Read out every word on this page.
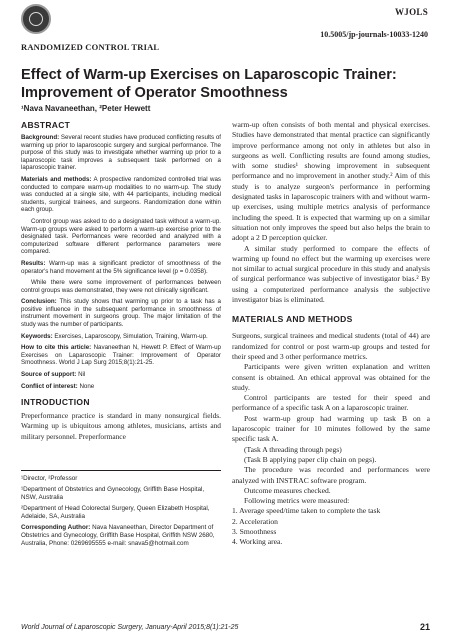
WJOLS
10.5005/jp-journals-10033-1240
RANDOMIZED CONTROL TRIAL
Effect of Warm-up Exercises on Laparoscopic Trainer: Improvement of Operator Smoothness
¹Nava Navaneethan, ²Peter Hewett
ABSTRACT

Background: Several recent studies have produced conflicting results of warming up prior to laparoscopic surgery and surgical performance. The purpose of this study was to investigate whether warming up prior to a laparoscopic task improves a subsequent task performed on a laparoscopic trainer.

Materials and methods: A prospective randomized controlled trial was conducted to compare warm-up modalities to no warm-up. The study was conducted at a single site, with 44 participants, including medical students, surgical trainees, and surgeons. Randomization done within each group.

Control group was asked to do a designated task without a warm-up. Warm-up groups were asked to perform a warm-up exercise prior to the designated task. Performances were recorded and analyzed with a computerized software different performance parameters were compared.

Results: Warm-up was a significant predictor of smoothness of the operator's hand movement at the 5% significance level (p = 0.0358).

While there were some improvement of performances between control groups was demonstrated, they were not clinically significant.

Conclusion: This study shows that warming up prior to a task has a positive influence in the subsequent performance in smoothness of instrument movement in surgeons group. The major limitation of the study was the number of participants.

Keywords: Exercises, Laparoscopy, Simulation, Training, Warm-up.

How to cite this article: Navaneethan N, Hewett P. Effect of Warm-up Exercises on Laparoscopic Trainer: Improvement of Operator Smoothness. World J Lap Surg 2015;8(1):21-25.

Source of support: Nil

Conflict of interest: None

INTRODUCTION
Preperformance practice is standard in many nonsurgical fields. Warming up is ubiquitous among athletes, musicians, artists and military personnel. Preperformance
¹Director, ²Professor
¹Department of Obstetrics and Gynecology, Griffith Base Hospital, NSW, Australia
²Department of Head Colorectal Surgery, Queen Elizabeth Hospital, Adelaide, SA, Australia
Corresponding Author: Nava Navaneethan, Director Department of Obstetrics and Gynecology, Griffith Base Hospital, Griffith NSW 2680, Australia, Phone: 0269695555 e-mail: snava5@hotmail.com

warm-up often consists of both mental and physical exercises. Studies have demonstrated that mental practice can significantly improve performance among not only in athletes but also in surgeons as well. Conflicting results are found among studies, with some studies¹ showing improvement in subsequent performance and no improvement in another study.² Aim of this study is to analyze surgeon's performance in performing designated tasks in laparoscopic trainers with and without warm-up exercises, using multiple metrics analysis of performance including the speed. It is expected that warming up on a similar situation not only improves the speed but also helps the brain to adopt a 2 D perception quicker.

A similar study performed to compare the effects of warming up found no effect but the warming up exercises were not similar to actual surgical procedure in this study and analysis of surgical performance was subjective of investigator bias.² By using a computerized performance analysis the subjective investigator bias is eliminated.

MATERIALS AND METHODS

Surgeons, surgical trainees and medical students (total of 44) are randomized for control or post warm-up groups and tested for their speed and 3 other performance metrics.

Participants were given written explanation and written consent is obtained. An ethical approval was obtained for the study.

Control participants are tested for their speed and performance of a specific task A on a laparoscopic trainer.

Post warm-up group had warming up task B on a laparoscopic trainer for 10 minutes followed by the same specific task A.

(Task A threading through pegs)

(Task B applying paper clip chain on pegs).

The procedure was recorded and performances were analyzed with INSTRAC software program.

Outcome measures checked.

Following metrics were measured:

1. Average speed/time taken to complete the task
2. Acceleration
3. Smoothness
4. Working area.
World Journal of Laparoscopic Surgery, January-April 2015;8(1):21-25	21
